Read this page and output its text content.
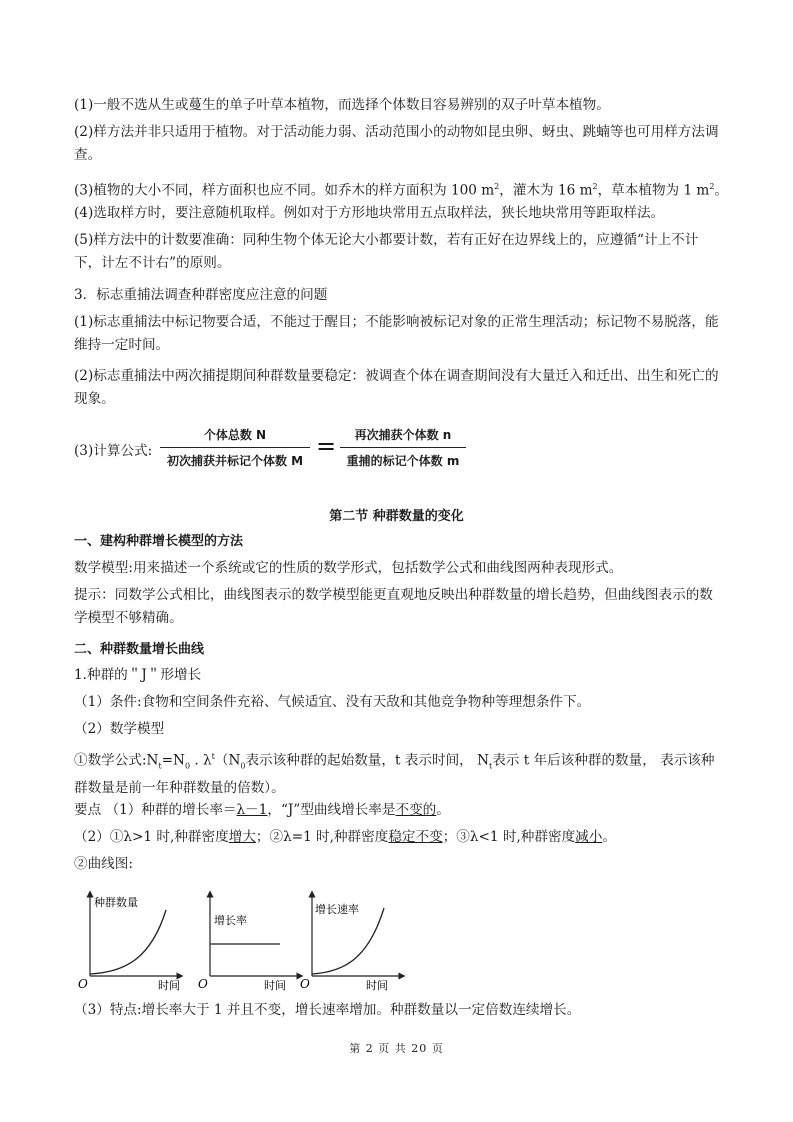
(1)一般不选从生或蔓生的单子叶草本植物，而选择个体数目容易辨别的双子叶草本植物。
(2)样方法并非只适用于植物。对于活动能力弱、活动范围小的动物如昆虫卵、蚜虫、跳蝻等也可用样方法调查。
(3)植物的大小不同，样方面积也应不同。如乔木的样方面积为 100 $m^2$，灌木为 16 $m^2$，草本植物为 1 $m^2$。
(4)选取样方时，要注意随机取样。例如对于方形地块常用五点取样法，狭长地块常用等距取样法。
(5)样方法中的计数要准确：同种生物个体无论大小都要计数，若有正好在边界线上的，应遵循“计上不计下，计左不计右”的原则。
3．标志重捕法调查种群密度应注意的问题
(1)标志重捕法中标记物要合适，不能过于醒目；不能影响被标记对象的正常生理活动；标记物不易脱落，能维持一定时间。
(2)标志重捕法中两次捕提期间种群数量要稳定：被调查个体在调查期间没有大量迁入和迁出、出生和死亡的现象。
(3)计算公式:
个体总数 N
初次捕获并标记个体数 M
=	再次捕获个体数 n
重捕的标记个体数 m
第二节 种群数量的变化
一、建构种群增长模型的方法
数学模型:用来描述一个系统或它的性质的数学形式，包括数学公式和曲线图两种表现形式。
提示：同数学公式相比，曲线图表示的数学模型能更直观地反映出种群数量的增长趋势，但曲线图表示的数学模型不够精确。
二、种群数量增长曲线
1.种群的＂J＂形增长
（1）条件:食物和空间条件充裕、气候适宜、没有天敌和其他竞争物种等理想条件下。
（2）数学模型
①数学公式$:N_t=N_0$ . $\lambda^t(N_0$表示该种群的起始数量，t 表示时间， $N_t$表示 t 年后该种群的数量， 表示该种群数量是前一年种群数量的倍数）。
要点 （1）种群的增长率＝λ－1，“J”型曲线增长率是不变的。
（2）①λ>1 时,种群密度增大；②λ=1 时,种群密度稳定不变；③λ<1 时,种群密度减小。
②曲线图:
种群数量
时间
O
增长率
时间
O
增长速率
时间
O
（3）特点:增长率大于 1 并且不变，增长速率增加。种群数量以一定倍数连续增长。
第 2 页 共 20 页
